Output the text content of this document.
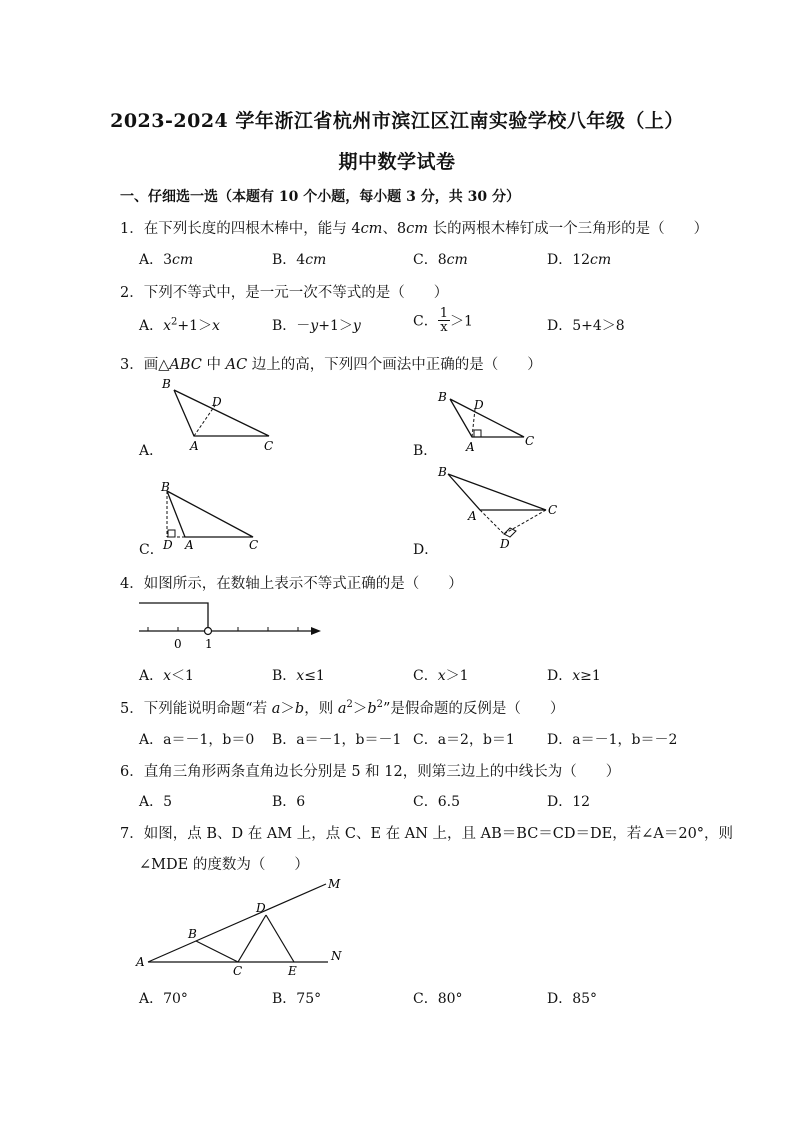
2023-2024 学年浙江省杭州市滨江区江南实验学校八年级（上）
期中数学试卷
一、仔细选一选（本题有 10 个小题，每小题 3 分，共 30 分）
1．在下列长度的四根木棒中，能与 4cm、8cm 长的两根木棒钉成一个三角形的是（　　）
A．3cm	B．4cm	C．8cm	D．12cm
2．下列不等式中，是一元一次不等式的是（　　）
A．$x^2+1>x$	B．－y+1＞y	C． $\frac{1}{x} >1$	D．5+4＞8
3．画△ABC 中 AC 边上的高，下列四个画法中正确的是（　　）
B
D
A	C
A．
B
D
A	C
B．
B
D A	C
C．
B
A	C
D
D．
4．如图所示，在数轴上表示不等式正确的是（　　）
0 1
A．x＜1	B．x≤1	C．x＞1	D．x≥1
5．下列能说明命题“若 a＞b，则 $a^2>b^2$”是假命题的反例是（　　）
A．a＝－1，b＝0 B．a＝－1，b＝－1 C．a＝2，b＝1 D．a＝－1，b＝－2
6．直角三角形两条直角边长分别是 5 和 12，则第三边上的中线长为（　　）
A．5	B．6	C．6.5	D．12
7．如图，点 B、D 在 AM 上，点 C、E 在 AN 上，且 AB＝BC＝CD＝DE，若∠A＝20°，则
∠MDE 的度数为（　　）
A
B
C
D
E
M
N
A．70°	B．75°	C．80°	D．85°
